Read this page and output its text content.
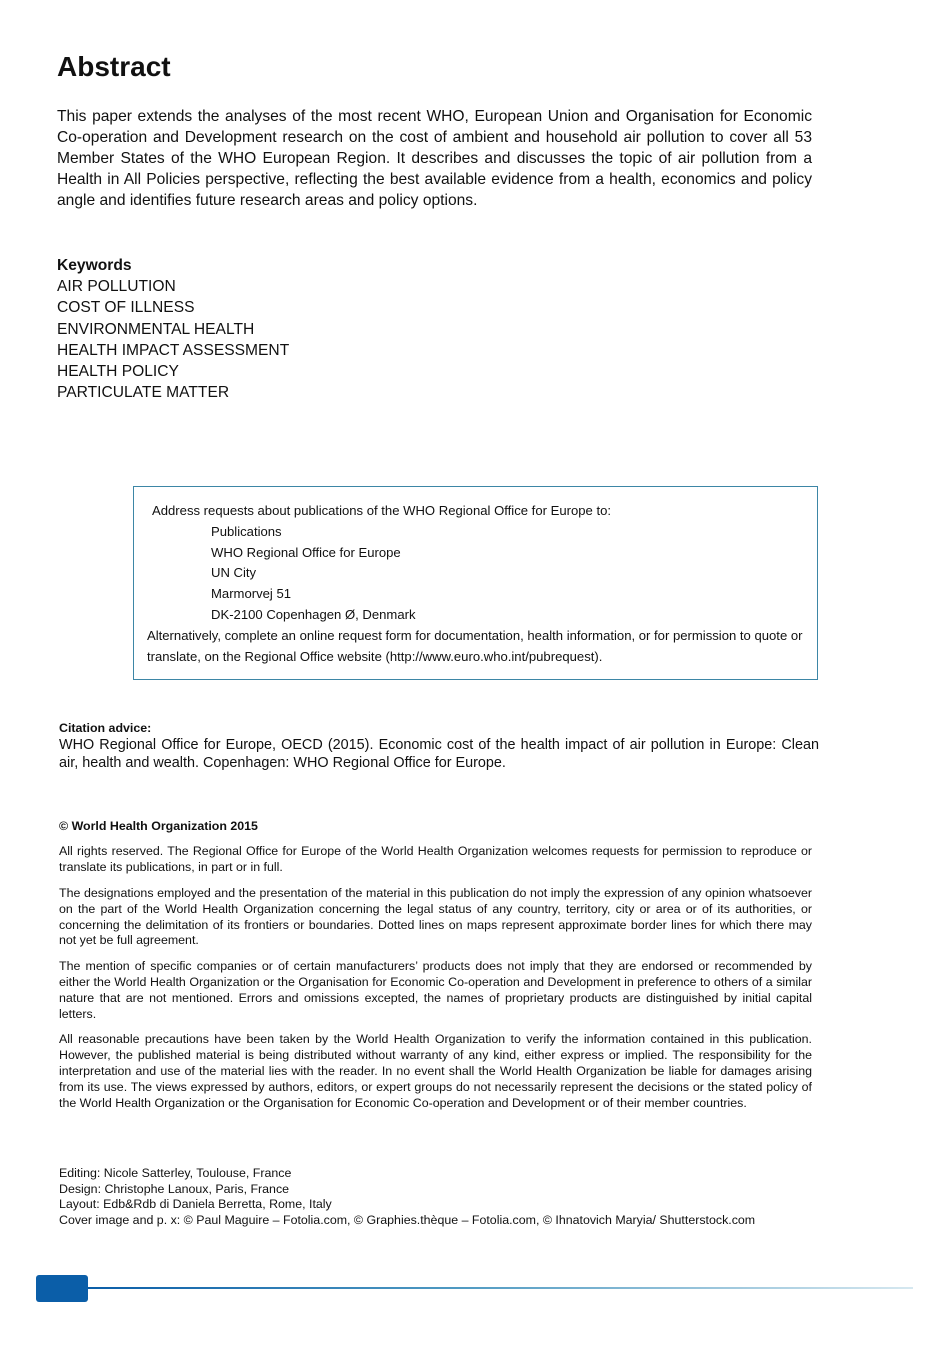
Abstract

This paper extends the analyses of the most recent WHO, European Union and Organisation for Economic Co-operation and Development research on the cost of ambient and household air pollution to cover all 53 Member States of the WHO European Region. It describes and discusses the topic of air pollution from a Health in All Policies perspective, reflecting the best available evidence from a health, economics and policy angle and identifies future research areas and policy options.

Keywords
AIR POLLUTION
COST OF ILLNESS
ENVIRONMENTAL HEALTH
HEALTH IMPACT ASSESSMENT
HEALTH POLICY
PARTICULATE MATTER
Address requests about publications of the WHO Regional Office for Europe to:
Publications
WHO Regional Office for Europe
UN City
Marmorvej 51
DK-2100 Copenhagen Ø, Denmark
Alternatively, complete an online request form for documentation, health information, or for permission to quote or translate, on the Regional Office website (http://www.euro.who.int/pubrequest).
Citation advice:

WHO Regional Office for Europe, OECD (2015). Economic cost of the health impact of air pollution in Europe: Clean air, health and wealth. Copenhagen: WHO Regional Office for Europe.

© World Health Organization 2015

All rights reserved. The Regional Office for Europe of the World Health Organization welcomes requests for permission to reproduce or translate its publications, in part or in full.

The designations employed and the presentation of the material in this publication do not imply the expression of any opinion whatsoever on the part of the World Health Organization concerning the legal status of any country, territory, city or area or of its authorities, or concerning the delimitation of its frontiers or boundaries. Dotted lines on maps represent approximate border lines for which there may not yet be full agreement.

The mention of specific companies or of certain manufacturers’ products does not imply that they are endorsed or recommended by either the World Health Organization or the Organisation for Economic Co-operation and Development in preference to others of a similar nature that are not mentioned. Errors and omissions excepted, the names of proprietary products are distinguished by initial capital letters.

All reasonable precautions have been taken by the World Health Organization to verify the information contained in this publication. However, the published material is being distributed without warranty of any kind, either express or implied. The responsibility for the interpretation and use of the material lies with the reader. In no event shall the World Health Organization be liable for damages arising from its use. The views expressed by authors, editors, or expert groups do not necessarily represent the decisions or the stated policy of the World Health Organization or the Organisation for Economic Co-operation and Development or of their member countries.

Editing: Nicole Satterley, Toulouse, France
Design: Christophe Lanoux, Paris, France
Layout: Edb&Rdb di Daniela Berretta, Rome, Italy
Cover image and p. x: © Paul Maguire – Fotolia.com, © Graphies.thèque – Fotolia.com, © Ihnatovich Maryia/ Shutterstock.com
